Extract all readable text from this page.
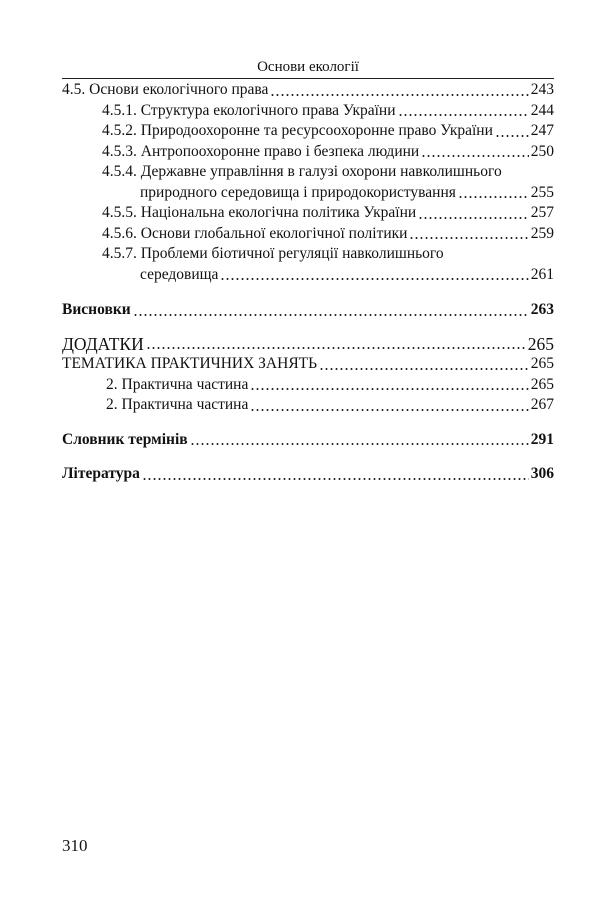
Основи екології
4.5. Основи екологічного права	243
4.5.1. Структура екологічного права України	244
4.5.2. Природоохоронне та ресурсоохоронне право України 247
4.5.3. Антропоохоронне право і безпека людини	250
4.5.4. Державне управління в галузі охорони навколишнього
природного середовища і природокористування	255
4.5.5. Національна екологічна політика України	257
4.5.6. Основи глобальної екологічної політики	259
4.5.7. Проблеми біотичної регуляції навколишнього
середовища	261
Висновки	263
ДОДАТКИ	265
ТЕМАТИКА ПРАКТИЧНИХ ЗАНЯТЬ	265
2. Практична частина	265
2. Практична частина	267
Словник термінів	291
Література	306
310
